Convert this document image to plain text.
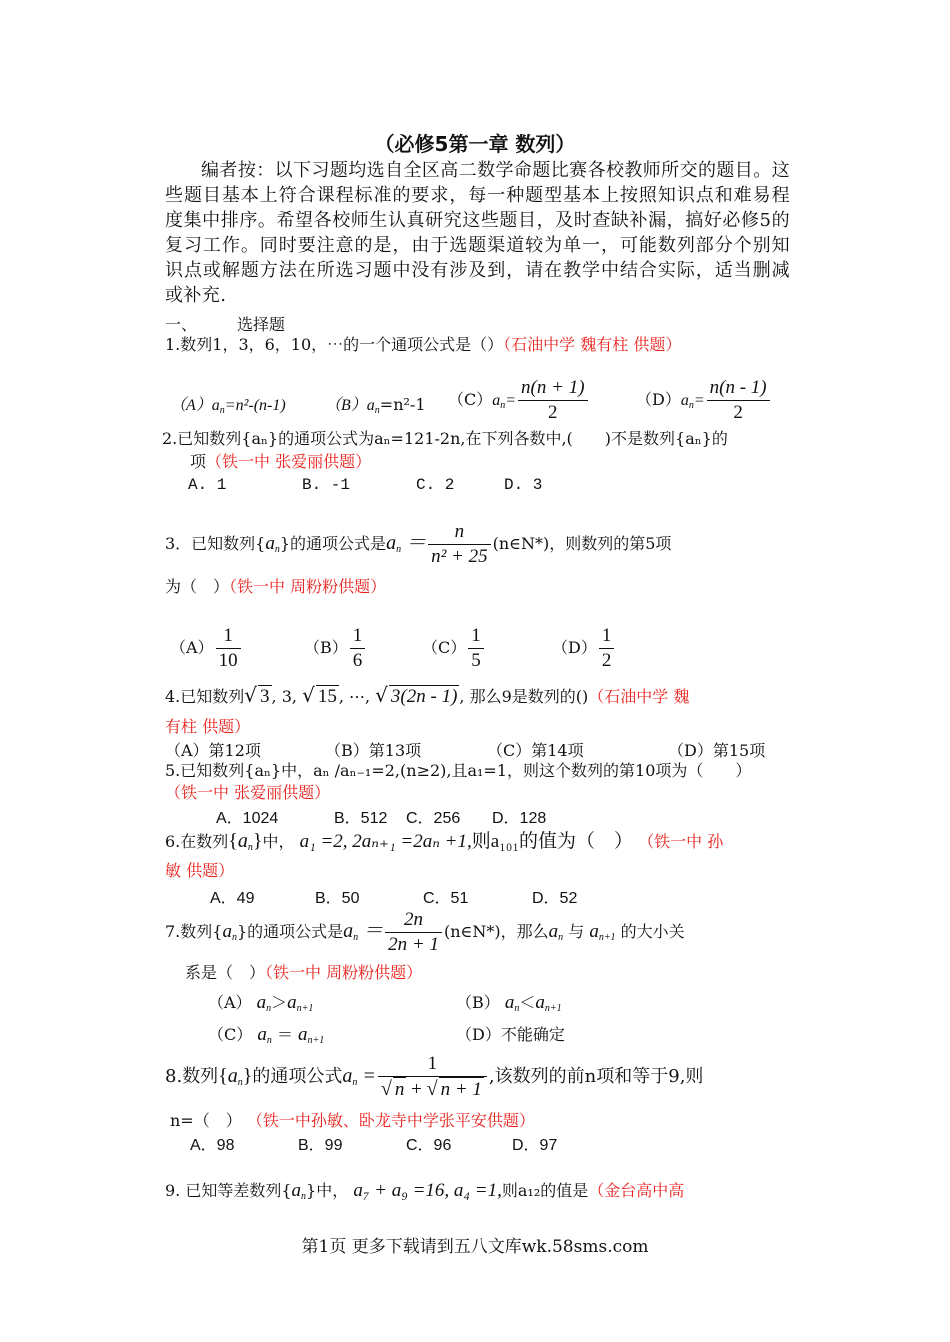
（必修5第一章 数列）
编者按：以下习题均选自全区高二数学命题比赛各校教师所交的题目。这些题目基本上符合课程标准的要求，每一种题型基本上按照知识点和难易程度集中排序。希望各校师生认真研究这些题目，及时查缺补漏，搞好必修5的复习工作。同时要注意的是，由于选题渠道较为单一，可能数列部分个别知识点或解题方法在所选习题中没有涉及到，请在教学中结合实际，适当删减或补充.
一、	选择题
1.数列1，3，6，10，⋯的一个通项公式是（）（石油中学 魏有柱 供题）
$(A)a_n=n^2-(n-1)$ $(B)a_n=n^2-1$ $(C)a_n= \frac{n(n + 1)}{2}$	$(D)a_n= \frac{n(n - 1)}{2}$
2.已知数列{aₙ}的通项公式为aₙ=121-2n,在下列各数中,(　　)不是数列{aₙ}的
项（铁一中 张爱丽供题）
A. 1	B. -1	C. 2	D. 3
3．已知数列$\{a_n\}$的通项公式是$a_n = \frac{n}{\text{n² + 25}}$ (n∈N*)，则数列的第5项
为（　）（铁一中 周粉粉供题）
$(A) \frac{1}{10}$	$(B) \frac{1}{6}$	$(C) \frac{1}{5}$	$(D) \frac{1}{2}$
4.已知数列√ 3 , 3, √ 15 , ⋯, √ 3(2n - 1) , 那么9是数列的()（石油中学 魏
有柱 供题）
（A）第12项	（B）第13项	（C）第14项	（D）第15项
5.已知数列{aₙ}中，aₙ /aₙ₋₁=2,(n≥2),且a₁=1，则这个数列的第10项为（　　）
（铁一中 张爱丽供题）
A．1024	B．512 C．256 D．128
6.在数列$\{a_n\}$中， a₁ =2, 2aₙ₊₁ =2aₙ +1,则a₁₀₁的值为（　） （铁一中 孙
敏 供题）
A．49	B．50	C．51	D．52
7.数列$\{a_n\}$的通项公式是$a_n = \frac{2n}{2n + 1}$ (n∈N*)，那么$a_n$ 与 $a_{n+1}$ 的大小关
系是（　）（铁一中 周粉粉供题）
（A） $a_n>a_{n+1}$	（B） $a_n<a_{n+1}$
（C） $a_n = a_{n+1}$	（D）不能确定
8.数列$\{a_n\}$的通项公式$a_n = \frac{1}{√ n + √ n + 1}$ ,该数列的前n项和等于9,则
n=（　） （铁一中孙敏、卧龙寺中学张平安供题）
A．98	B．99	C．96	D．97
9. 已知等差数列$\{a_n\}$中， a₇ + a₉ =16, a₄ =1,则a₁₂的值是（金台高中高
第1页 更多下载请到五八文库wk.58sms.com
